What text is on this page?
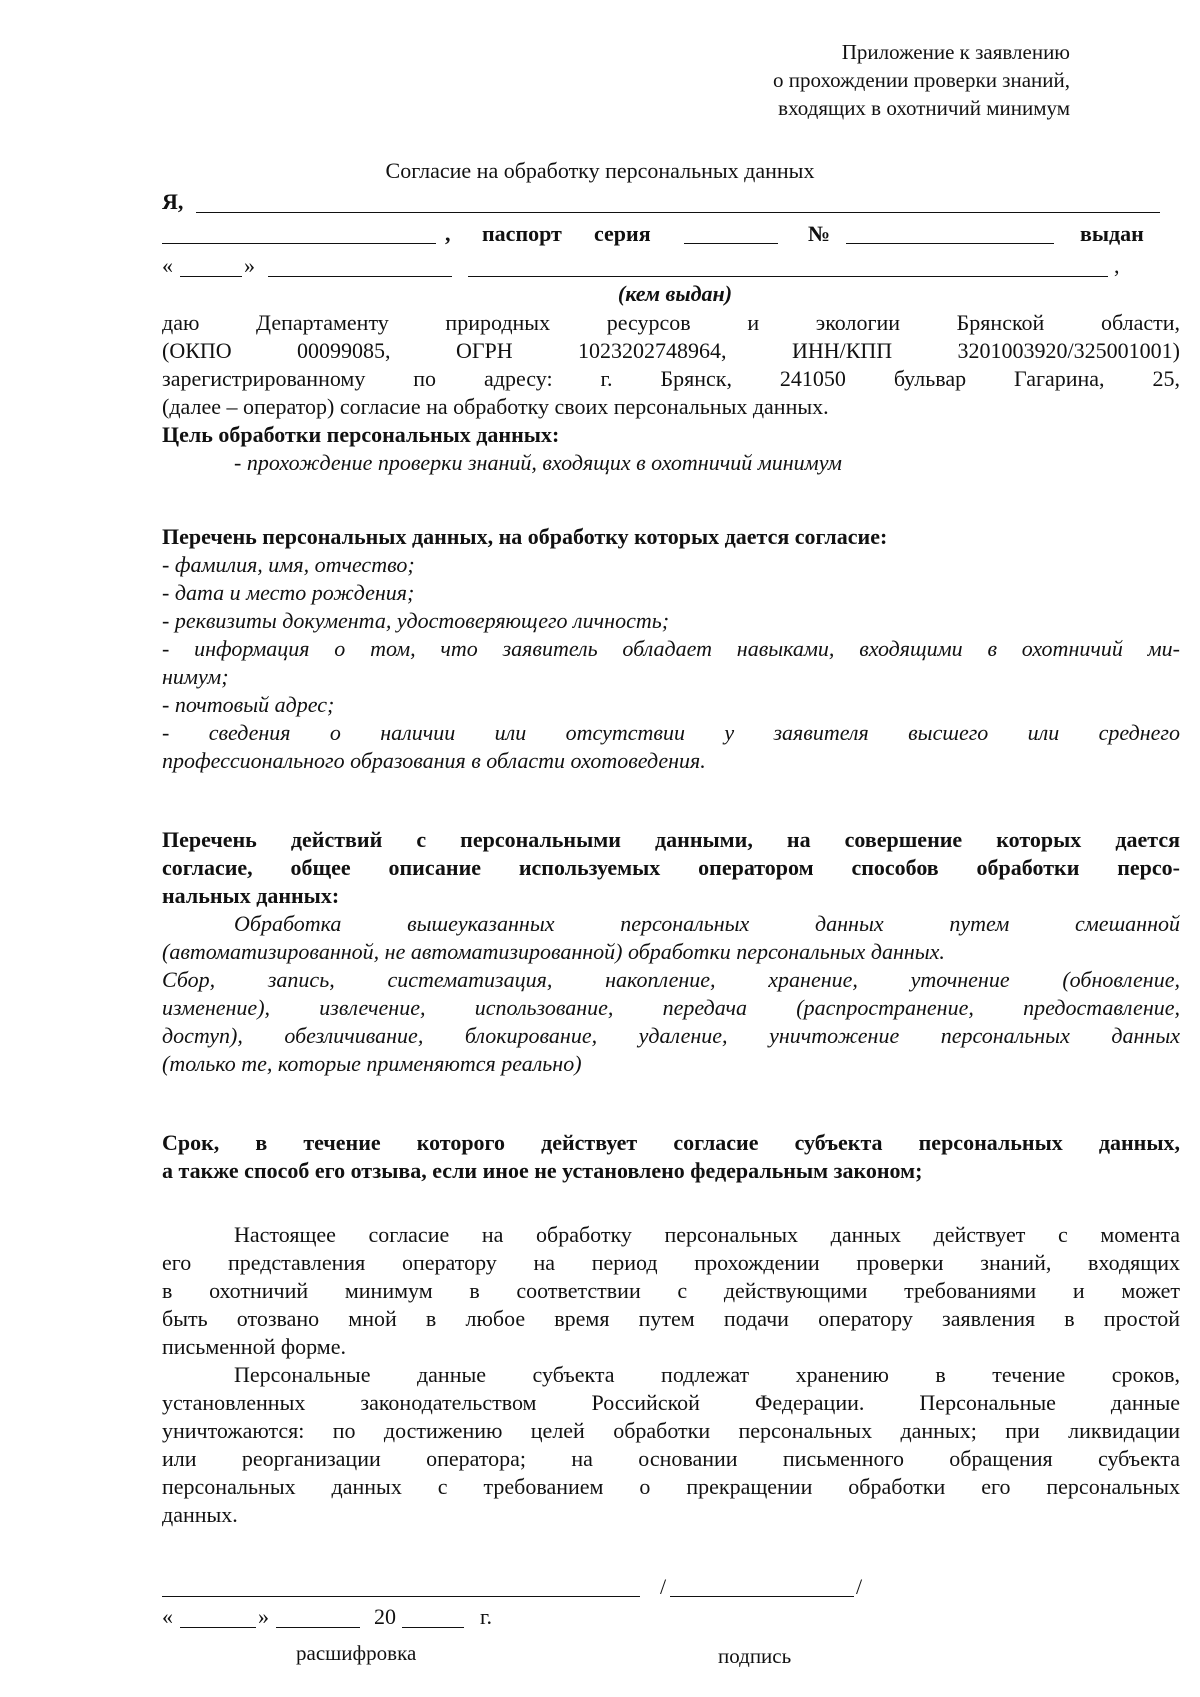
Приложение к заявлению
о прохождении проверки знаний,
входящих в охотничий минимум
Согласие на обработку персональных данных
Я,
, паспорт серия	№	выдан
«	»	,
(кем выдан)
даю Департаменту природных ресурсов и экологии Брянской области,
(ОКПО 00099085, ОГРН 1023202748964, ИНН/КПП 3201003920/325001001)
зарегистрированному по адресу: г. Брянск, 241050 бульвар Гагарина, 25,
(далее – оператор) согласие на обработку своих персональных данных.
Цель обработки персональных данных:
- прохождение проверки знаний, входящих в охотничий минимум
Перечень персональных данных, на обработку которых дается согласие:
- фамилия, имя, отчество;
- дата и место рождения;
- реквизиты документа, удостоверяющего личность;
- информация о том, что заявитель обладает навыками, входящими в охотничий ми-
нимум;
- почтовый адрес;
- сведения о наличии или отсутствии у заявителя высшего или среднего
профессионального образования в области охотоведения.
Перечень действий с персональными данными, на совершение которых дается
согласие, общее описание используемых оператором способов обработки персо-
нальных данных:
Обработка вышеуказанных персональных данных путем смешанной
(автоматизированной, не автоматизированной) обработки персональных данных.
Сбор, запись, систематизация, накопление, хранение, уточнение (обновление,
изменение), извлечение, использование, передача (распространение, предоставление,
доступ), обезличивание, блокирование, удаление, уничтожение персональных данных
(только те, которые применяются реально)
Срок, в течение которого действует согласие субъекта персональных данных,
а также способ его отзыва, если иное не установлено федеральным законом;
Настоящее согласие на обработку персональных данных действует с момента
его представления оператору на период прохождении проверки знаний, входящих
в охотничий минимум в соответствии с действующими требованиями и может
быть отозвано мной в любое время путем подачи оператору заявления в простой
письменной форме.
Персональные данные субъекта подлежат хранению в течение сроков,
установленных законодательством Российской Федерации. Персональные данные
уничтожаются: по достижению целей обработки персональных данных; при ликвидации
или реорганизации оператора; на основании письменного обращения субъекта
персональных данных с требованием о прекращении обработки его персональных
данных.
/	/
«	»	20	г.
расшифровка	подпись
